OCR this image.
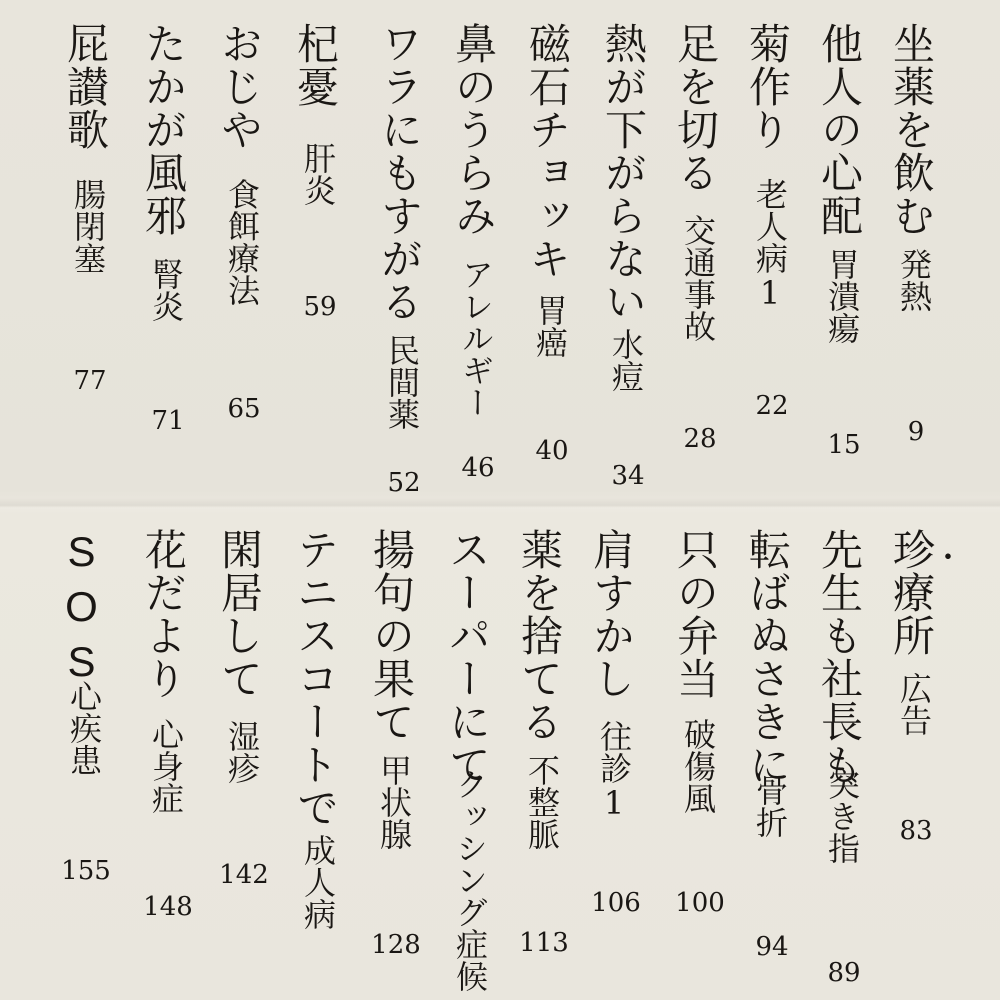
坐薬を飲む
発熱
9
他人の心配
胃潰瘍
15
菊作り
老人病1
22
足を切る
交通事故
28
熱が下がらない
水痘
34
磁石チョッキ
胃癌
40
鼻のうらみ
アレルギー
46
ワラにもすがる
民間薬
52
杞憂
肝炎
59
おじや
食餌療法
65
たかが風邪
腎炎
71
屁讃歌
腸閉塞
77
・
珍療所
広告
83
先生も社長も
突き指
89
転ばぬさきに
骨折
94
只の弁当
破傷風
100
肩すかし
往診1
106
薬を捨てる
不整脈
113
スーパーにて
クッシング症候
揚句の果て
甲状腺
128
テニスコートで
成人病
閑居して
湿疹
142
花だより
心身症
148
SOS
心疾患
155
